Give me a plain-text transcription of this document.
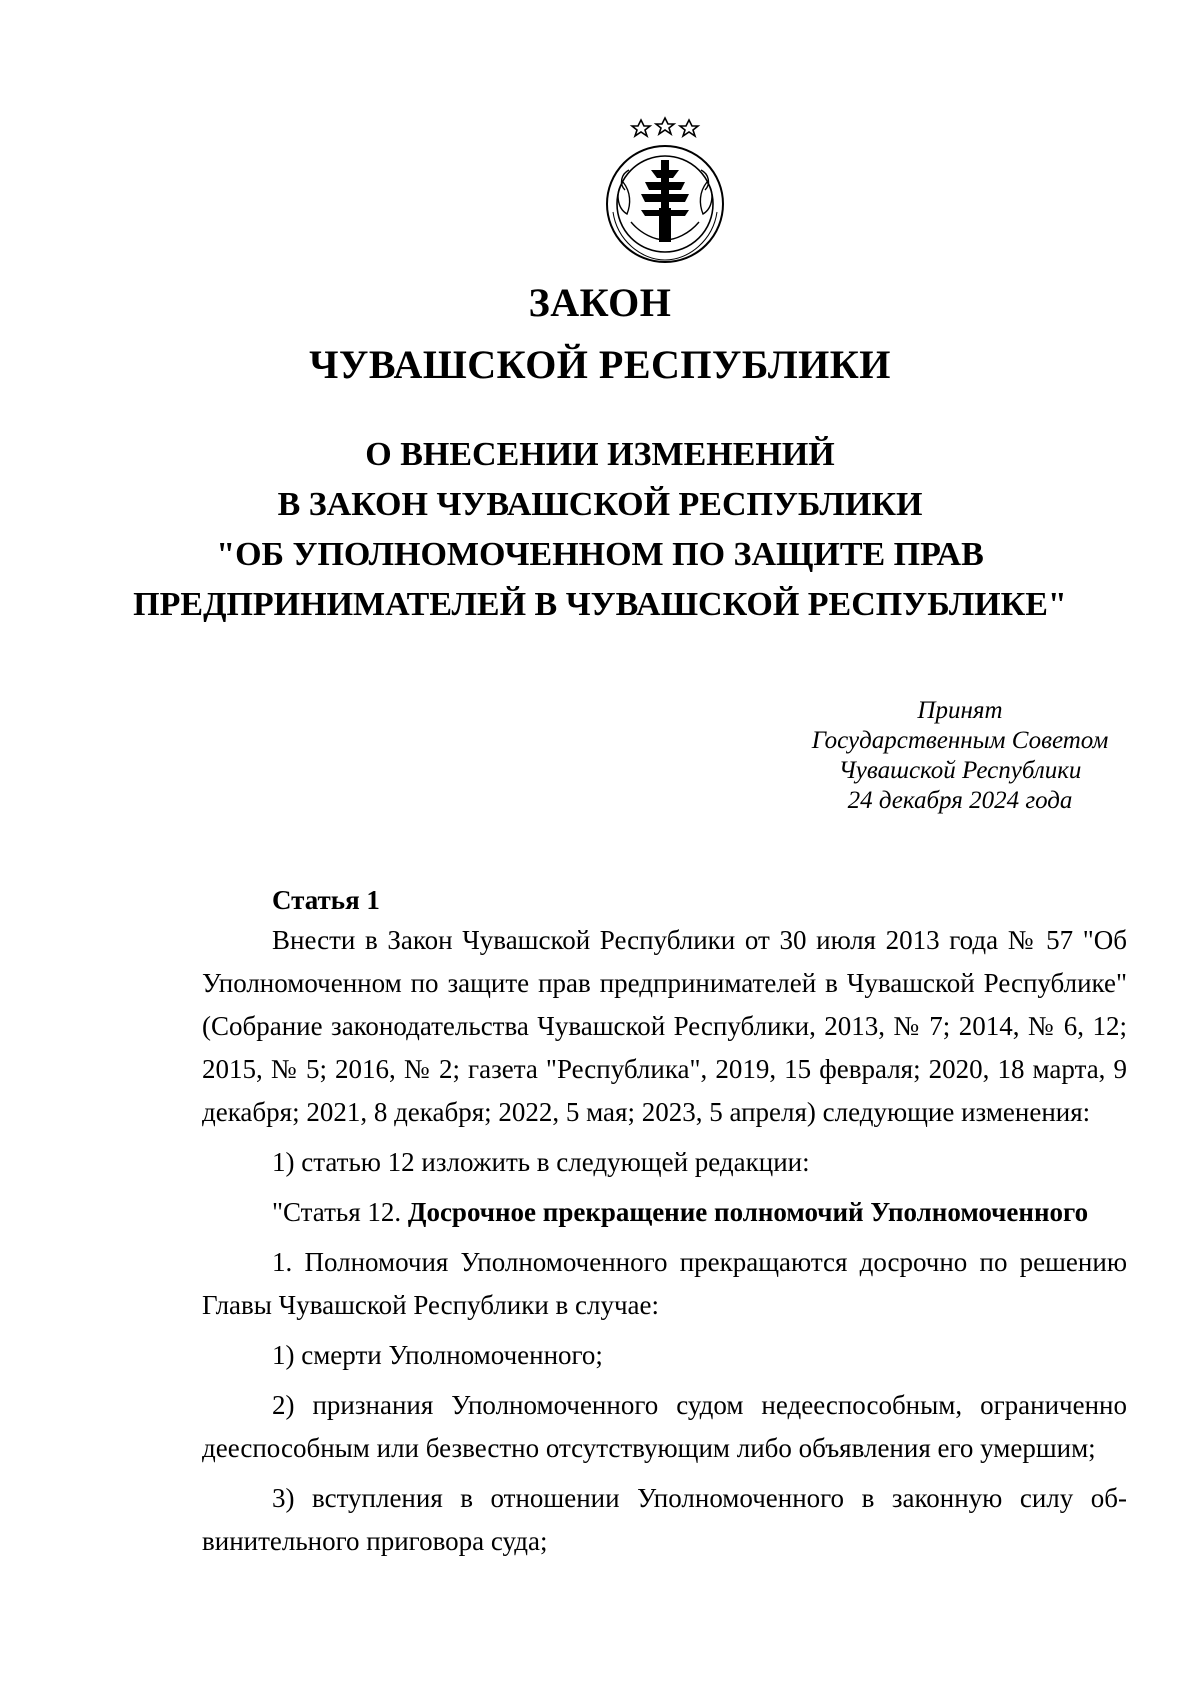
ЗАКОН
ЧУВАШСКОЙ РЕСПУБЛИКИ
О ВНЕСЕНИИ ИЗМЕНЕНИЙ
В ЗАКОН ЧУВАШСКОЙ РЕСПУБЛИКИ
"ОБ УПОЛНОМОЧЕННОМ ПО ЗАЩИТЕ ПРАВ
ПРЕДПРИНИМАТЕЛЕЙ В ЧУВАШСКОЙ РЕСПУБЛИКЕ"
Принят
Государственным Советом
Чувашской Республики
24 декабря 2024 года
Статья 1

Внести в Закон Чувашской Республики от 30 июля 2013 года № 57 "Об Уполномоченном по защите прав предпринимателей в Чувашской Республике" (Собрание законодательства Чувашской Республики, 2013, № 7; 2014, № 6, 12; 2015, № 5; 2016, № 2; газета "Республика", 2019, 15 февраля; 2020, 18 марта, 9 декабря; 2021, 8 декабря; 2022, 5 мая; 2023, 5 апреля) следующие изменения:

1) статью 12 изложить в следующей редакции:

"Статья 12. Досрочное прекращение полномочий Уполномоченного

1. Полномочия Уполномоченного прекращаются досрочно по решению Главы Чувашской Республики в случае:

1) смерти Уполномоченного;

2) признания Уполномоченного судом недееспособным, ограниченно дееспособным или безвестно отсутствующим либо объявления его умершим;

3) вступления в отношении Уполномоченного в законную силу обвинительного приговора суда;
